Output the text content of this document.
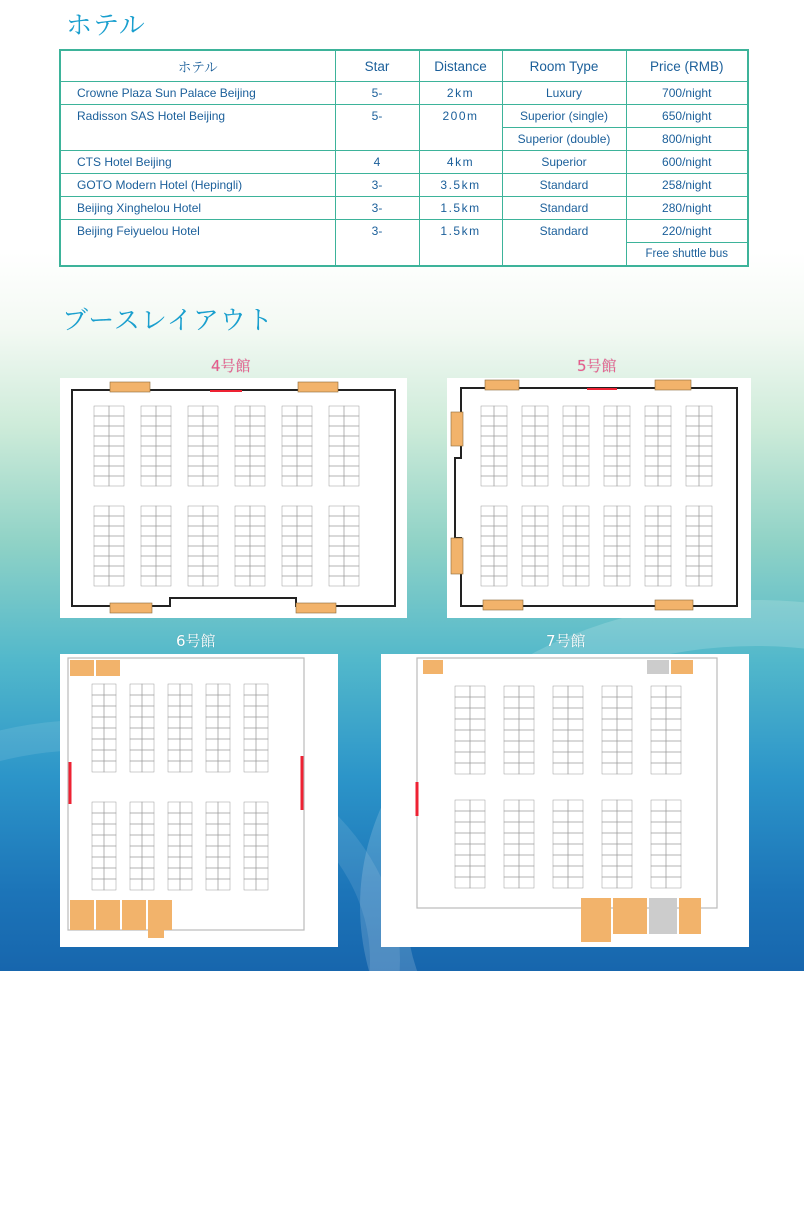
ホテル
ホテル	Star	Distance	Room Type	Price (RMB)
Crowne Plaza Sun Palace Beijing	5-	2km	Luxury	700/night
Radisson SAS Hotel Beijing	5-	200m	Superior (single)	650/night
			Superior (double)	800/night
CTS Hotel Beijing	4	4km	Superior	600/night
GOTO Modern Hotel (Hepingli)	3-	3.5km	Standard	258/night
Beijing Xinghelou Hotel	3-	1.5km	Standard	280/night
Beijing Feiyuelou Hotel	3-	1.5km	Standard	220/night
				Free shuttle bus
ブースレイアウト
4号館	5号館
6号館	7号館
